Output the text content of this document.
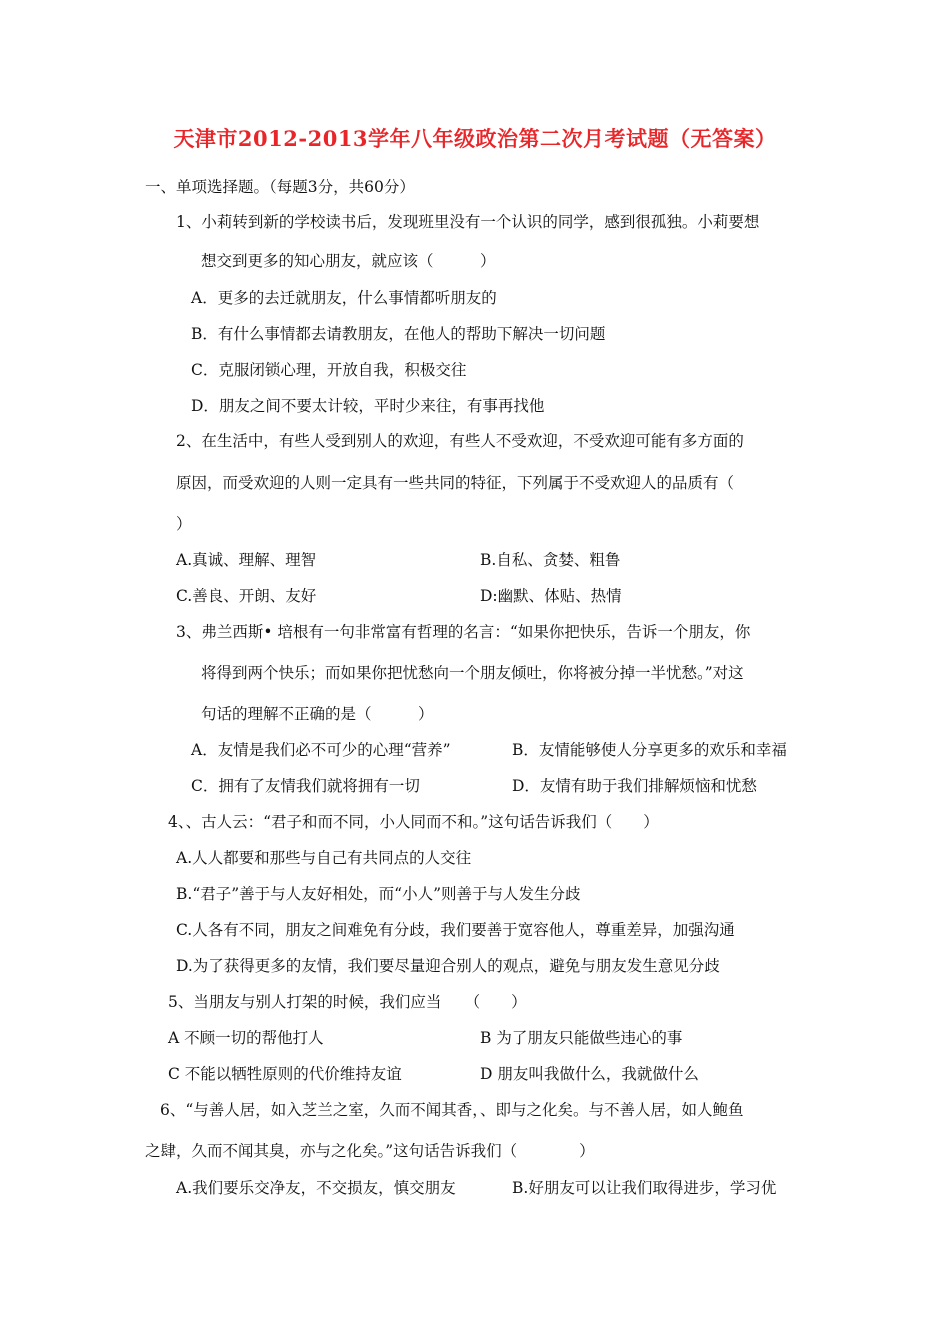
天津市2012-2013学年八年级政治第二次月考试题（无答案）
一、单项选择题。（每题3分，共60分）
1、小莉转到新的学校读书后，发现班里没有一个认识的同学，感到很孤独。小莉要想
想交到更多的知心朋友，就应该（　　　）
A．更多的去迁就朋友，什么事情都听朋友的
B．有什么事情都去请教朋友，在他人的帮助下解决一切问题
C．克服闭锁心理，开放自我，积极交往
D．朋友之间不要太计较，平时少来往，有事再找他
2、在生活中，有些人受到别人的欢迎，有些人不受欢迎，不受欢迎可能有多方面的
原因，而受欢迎的人则一定具有一些共同的特征，下列属于不受欢迎人的品质有（
）
A.真诚、理解、理智	B.自私、贪婪、粗鲁
C.善良、开朗、友好	D:幽默、体贴、热情
3、弗兰西斯• 培根有一句非常富有哲理的名言：“如果你把快乐，告诉一个朋友，你
将得到两个快乐；而如果你把忧愁向一个朋友倾吐，你将被分掉一半忧愁。”对这
句话的理解不正确的是（　　　）
A．友情是我们必不可少的心理“营养”	B．友情能够使人分享更多的欢乐和幸福
C．拥有了友情我们就将拥有一切	D．友情有助于我们排解烦恼和忧愁
4、、古人云：“君子和而不同，小人同而不和。”这句话告诉我们（　　）
A.人人都要和那些与自己有共同点的人交往
B.“君子”善于与人友好相处，而“小人”则善于与人发生分歧
C.人各有不同，朋友之间难免有分歧，我们要善于宽容他人，尊重差异，加强沟通
D.为了获得更多的友情，我们要尽量迎合别人的观点，避免与朋友发生意见分歧
5、当朋友与别人打架的时候，我们应当　　（　　）
A 不顾一切的帮他打人	B 为了朋友只能做些违心的事
C 不能以牺牲原则的代价维持友谊	D 朋友叫我做什么，我就做什么
6、“与善人居，如入芝兰之室，久而不闻其香，、即与之化矣。与不善人居，如人鲍鱼
之肆，久而不闻其臭，亦与之化矣。”这句话告诉我们（　　　　）
A.我们要乐交净友，不交损友，慎交朋友	B.好朋友可以让我们取得进步，学习优
